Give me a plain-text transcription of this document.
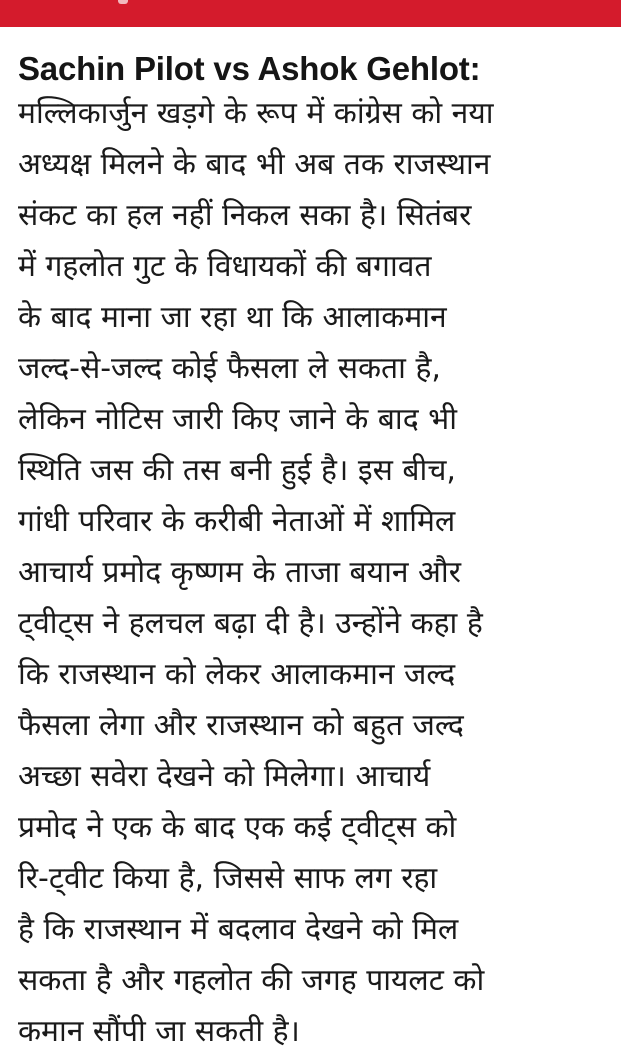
Sachin Pilot vs Ashok Gehlot:
मल्लिकार्जुन खड़गे के रूप में कांग्रेस को नया
अध्यक्ष मिलने के बाद भी अब तक राजस्थान
संकट का हल नहीं निकल सका है। सितंबर
में गहलोत गुट के विधायकों की बगावत
के बाद माना जा रहा था कि आलाकमान
जल्द-से-जल्द कोई फैसला ले सकता है,
लेकिन नोटिस जारी किए जाने के बाद भी
स्थिति जस की तस बनी हुई है। इस बीच,
गांधी परिवार के करीबी नेताओं में शामिल
आचार्य प्रमोद कृष्णम के ताजा बयान और
ट्वीट्स ने हलचल बढ़ा दी है। उन्होंने कहा है
कि राजस्थान को लेकर आलाकमान जल्द
फैसला लेगा और राजस्थान को बहुत जल्द
अच्छा सवेरा देखने को मिलेगा। आचार्य
प्रमोद ने एक के बाद एक कई ट्वीट्स को
रि-ट्वीट किया है, जिससे साफ लग रहा
है कि राजस्थान में बदलाव देखने को मिल
सकता है और गहलोत की जगह पायलट को
कमान सौंपी जा सकती है।
